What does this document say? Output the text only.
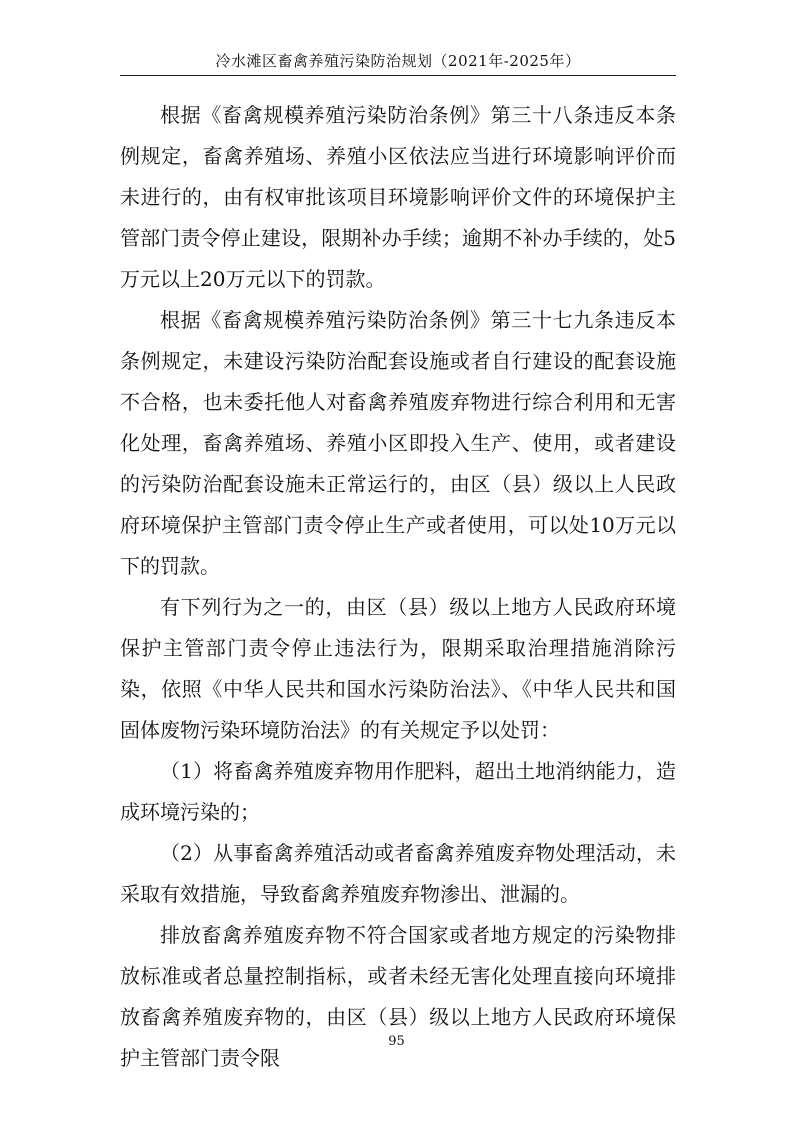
冷水滩区畜禽养殖污染防治规划（2021年-2025年）

根据《畜禽规模养殖污染防治条例》第三十八条违反本条例规定，畜禽养殖场、养殖小区依法应当进行环境影响评价而未进行的，由有权审批该项目环境影响评价文件的环境保护主管部门责令停止建设，限期补办手续；逾期不补办手续的，处5万元以上20万元以下的罚款。

根据《畜禽规模养殖污染防治条例》第三十七九条违反本条例规定，未建设污染防治配套设施或者自行建设的配套设施不合格，也未委托他人对畜禽养殖废弃物进行综合利用和无害化处理，畜禽养殖场、养殖小区即投入生产、使用，或者建设的污染防治配套设施未正常运行的，由区（县）级以上人民政府环境保护主管部门责令停止生产或者使用，可以处10万元以下的罚款。

有下列行为之一的，由区（县）级以上地方人民政府环境保护主管部门责令停止违法行为，限期采取治理措施消除污染，依照《中华人民共和国水污染防治法》、《中华人民共和国固体废物污染环境防治法》的有关规定予以处罚：

（1）将畜禽养殖废弃物用作肥料，超出土地消纳能力，造成环境污染的；

（2）从事畜禽养殖活动或者畜禽养殖废弃物处理活动，未采取有效措施，导致畜禽养殖废弃物渗出、泄漏的。

排放畜禽养殖废弃物不符合国家或者地方规定的污染物排放标准或者总量控制指标，或者未经无害化处理直接向环境排放畜禽养殖废弃物的，由区（县）级以上地方人民政府环境保护主管部门责令限

95
